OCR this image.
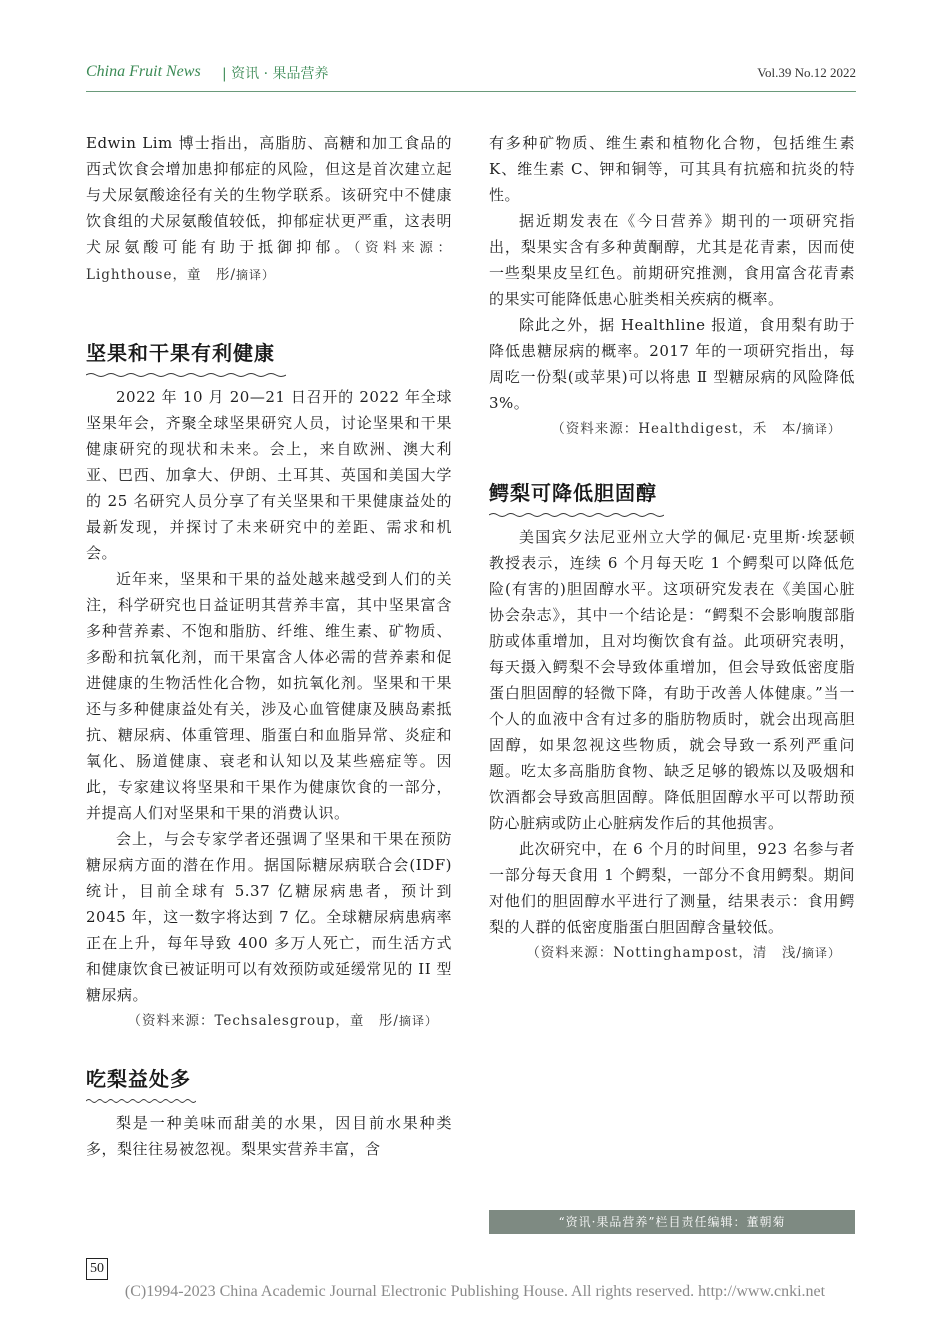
China Fruit News | 资讯 · 果品营养	Vol.39 No.12 2022

Edwin Lim 博士指出，高脂肪、高糖和加工食品的西式饮食会增加患抑郁症的风险，但这是首次建立起与犬尿氨酸途径有关的生物学联系。该研究中不健康饮食组的犬尿氨酸值较低，抑郁症状更严重，这表明犬尿氨酸可能有助于抵御抑郁。（资料来源：Lighthouse，童　彤/摘译）

坚果和干果有利健康

2022 年 10 月 20—21 日召开的 2022 年全球坚果年会，齐聚全球坚果研究人员，讨论坚果和干果健康研究的现状和未来。会上，来自欧洲、澳大利亚、巴西、加拿大、伊朗、土耳其、英国和美国大学的 25 名研究人员分享了有关坚果和干果健康益处的最新发现，并探讨了未来研究中的差距、需求和机会。

近年来，坚果和干果的益处越来越受到人们的关注，科学研究也日益证明其营养丰富，其中坚果富含多种营养素、不饱和脂肪、纤维、维生素、矿物质、多酚和抗氧化剂，而干果富含人体必需的营养素和促进健康的生物活性化合物，如抗氧化剂。坚果和干果还与多种健康益处有关，涉及心血管健康及胰岛素抵抗、糖尿病、体重管理、脂蛋白和血脂异常、炎症和氧化、肠道健康、衰老和认知以及某些癌症等。因此，专家建议将坚果和干果作为健康饮食的一部分，并提高人们对坚果和干果的消费认识。

会上，与会专家学者还强调了坚果和干果在预防糖尿病方面的潜在作用。据国际糖尿病联合会(IDF)统计，目前全球有 5.37 亿糖尿病患者，预计到 2045 年，这一数字将达到 7 亿。全球糖尿病患病率正在上升，每年导致 400 多万人死亡，而生活方式和健康饮食已被证明可以有效预防或延缓常见的 II 型糖尿病。

（资料来源：Techsalesgroup，童　彤/摘译）
吃梨益处多

梨是一种美味而甜美的水果，因目前水果种类多，梨往往易被忽视。梨果实营养丰富，含

有多种矿物质、维生素和植物化合物，包括维生素 K、维生素 C、钾和铜等，可其具有抗癌和抗炎的特性。

据近期发表在《今日营养》期刊的一项研究指出，梨果实含有多种黄酮醇，尤其是花青素，因而使一些梨果皮呈红色。前期研究推测，食用富含花青素的果实可能降低患心脏类相关疾病的概率。

除此之外，据 Healthline 报道，食用梨有助于降低患糖尿病的概率。2017 年的一项研究指出，每周吃一份梨(或苹果)可以将患 Ⅱ 型糖尿病的风险降低 3%。

（资料来源：Healthdigest，禾　本/摘译）
鳄梨可降低胆固醇

美国宾夕法尼亚州立大学的佩尼·克里斯·埃瑟顿教授表示，连续 6 个月每天吃 1 个鳄梨可以降低危险(有害的)胆固醇水平。这项研究发表在《美国心脏协会杂志》，其中一个结论是：“鳄梨不会影响腹部脂肪或体重增加，且对均衡饮食有益。此项研究表明，每天摄入鳄梨不会导致体重增加，但会导致低密度脂蛋白胆固醇的轻微下降，有助于改善人体健康。”当一个人的血液中含有过多的脂肪物质时，就会出现高胆固醇，如果忽视这些物质，就会导致一系列严重问题。吃太多高脂肪食物、缺乏足够的锻炼以及吸烟和饮酒都会导致高胆固醇。降低胆固醇水平可以帮助预防心脏病或防止心脏病发作后的其他损害。

此次研究中，在 6 个月的时间里，923 名参与者一部分每天食用 1 个鳄梨，一部分不食用鳄梨。期间对他们的胆固醇水平进行了测量，结果表示：食用鳄梨的人群的低密度脂蛋白胆固醇含量较低。

（资料来源：Nottinghampost，清　浅/摘译）
“资讯·果品营养”栏目责任编辑：董朝菊
50
(C)1994-2023 China Academic Journal Electronic Publishing House. All rights reserved. http://www.cnki.net
